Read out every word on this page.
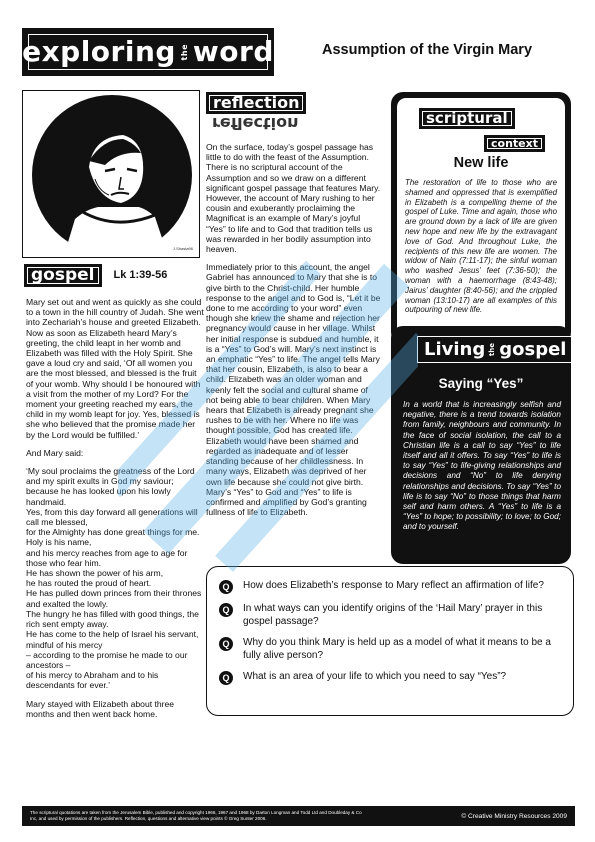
exploring the word	Assumption of the Virgin Mary
J.Shasta96
gospel	Lk 1:39-56

Mary set out and went as quickly as she could to a town in the hill country of Judah. She went into Zechariah’s house and greeted Elizabeth. Now as soon as Elizabeth heard Mary’s greeting, the child leapt in her womb and Elizabeth was filled with the Holy Spirit. She gave a loud cry and said, ‘Of all women you are the most blessed, and blessed is the fruit of your womb. Why should I be honoured with a visit from the mother of my Lord? For the moment your greeting reached my ears, the child in my womb leapt for joy. Yes, blessed is she who believed that the promise made her by the Lord would be fulfilled.’

And Mary said:

‘My soul proclaims the greatness of the Lord
and my spirit exults in God my saviour;
because he has looked upon his lowly handmaid.
Yes, from this day forward all generations will call me blessed,
for the Almighty has done great things for me.
Holy is his name,
and his mercy reaches from age to age for those who fear him.
He has shown the power of his arm,
he has routed the proud of heart.
He has pulled down princes from their thrones and exalted the lowly.
The hungry he has filled with good things, the rich sent empty away.
He has come to the help of Israel his servant, mindful of his mercy
– according to the promise he made to our ancestors –
of his mercy to Abraham and to his descendants for ever.’

Mary stayed with Elizabeth about three months and then went back home.

reflection
reflection

On the surface, today’s gospel passage has little to do with the feast of the Assumption. There is no scriptural account of the Assumption and so we draw on a different significant gospel passage that features Mary. However, the account of Mary rushing to her cousin and exuberantly proclaiming the Magnificat is an example of Mary’s joyful “Yes” to life and to God that tradition tells us was rewarded in her bodily assumption into heaven.

Immediately prior to this account, the angel Gabriel has announced to Mary that she is to give birth to the Christ-child. Her humble response to the angel and to God is, “Let it be done to me according to your word” even though she knew the shame and rejection her pregnancy would cause in her village. Whilst her initial response is subdued and humble, it is a “Yes” to God’s will. Mary’s next instinct is an emphatic “Yes” to life. The angel tells Mary that her cousin, Elizabeth, is also to bear a child. Elizabeth was an older woman and keenly felt the social and cultural shame of not being able to bear children. When Mary hears that Elizabeth is already pregnant she rushes to be with her. Where no life was thought possible, God has created life. Elizabeth would have been shamed and regarded as inadequate and of lesser standing because of her childlessness. In many ways, Elizabeth was deprived of her own life because she could not give birth. Mary’s “Yes” to God and “Yes” to life is confirmed and amplified by God’s granting fullness of life to Elizabeth.

scriptural
context
New life
The restoration of life to those who are shamed and oppressed that is exemplified in Elizabeth is a compelling theme of the gospel of Luke. Time and again, those who are ground down by a lack of life are given new hope and new life by the extravagant love of God. And throughout Luke, the recipients of this new life are women. The widow of Nain (7:11-17); the sinful woman who washed Jesus’ feet (7:36-50); the woman with a haemorrhage (8:43-48); Jairus’ daughter (8:40-56); and the crippled woman (13:10-17) are all examples of this outpouring of new life.
Living the gospel
Saying “Yes”
In a world that is increasingly selfish and negative, there is a trend towards isolation from family, neighbours and community. In the face of social isolation, the call to a Christian life is a call to say “Yes” to life itself and all it offers. To say “Yes” to life is to say “Yes” to life-giving relationships and decisions and “No” to life denying relationships and decisions. To say “Yes” to life is to say “No” to those things that harm self and harm others. A “Yes” to life is a “Yes” to hope; to possibility; to love; to God; and to yourself.
Q	How does Elizabeth’s response to Mary reflect an affirmation of life?
Q	In what ways can you identify origins of the ‘Hail Mary’ prayer in this gospel passage?
Q	Why do you think Mary is held up as a model of what it means to be a fully alive person?
Q	What is an area of your life to which you need to say “Yes”?
The scriptural quotations are taken from the Jerusalem Bible, published and copyright 1966, 1967 and 1968 by Darton Longman and Todd Ltd and Doubleday & Co Inc, and used by permission of the publishers. Reflection, questions and alternative view points © Greg Sunter 2006.	© Creative Ministry Resources 2009
